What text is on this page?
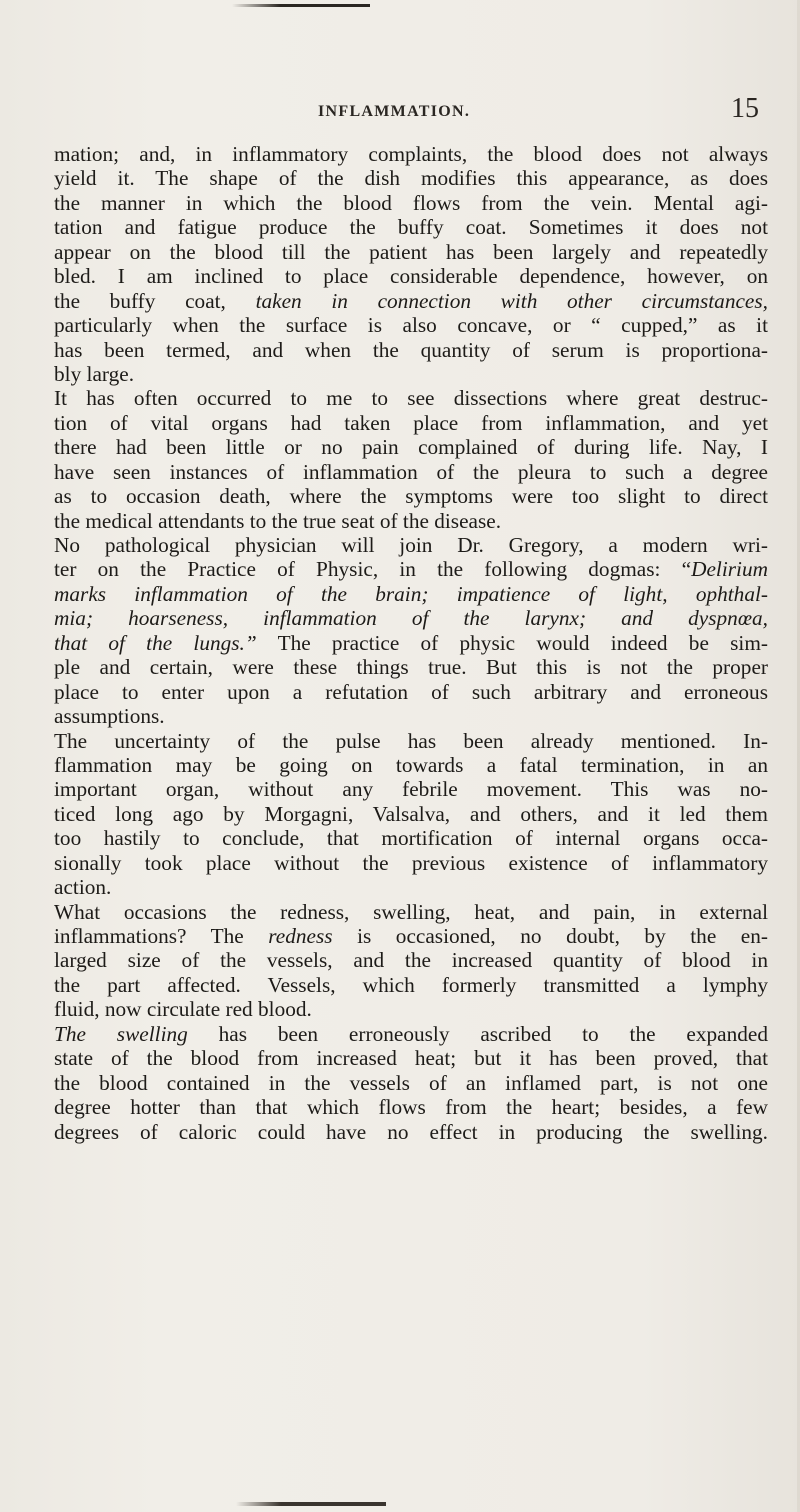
INFLAMMATION.	15
mation; and, in inflammatory complaints, the blood does not always
yield it. The shape of the dish modifies this appearance, as does
the manner in which the blood flows from the vein. Mental agi-
tation and fatigue produce the buffy coat. Sometimes it does not
appear on the blood till the patient has been largely and repeatedly
bled. I am inclined to place considerable dependence, however, on
the buffy coat, taken in connection with other circumstances,
particularly when the surface is also concave, or “ cupped,” as it
has been termed, and when the quantity of serum is proportiona-
bly large.
It has often occurred to me to see dissections where great destruc-
tion of vital organs had taken place from inflammation, and yet
there had been little or no pain complained of during life. Nay, I
have seen instances of inflammation of the pleura to such a degree
as to occasion death, where the symptoms were too slight to direct
the medical attendants to the true seat of the disease.
No pathological physician will join Dr. Gregory, a modern wri-
ter on the Practice of Physic, in the following dogmas: “Delirium
marks inflammation of the brain; impatience of light, ophthal-
mia; hoarseness, inflammation of the larynx; and dyspnœa,
that of the lungs.” The practice of physic would indeed be sim-
ple and certain, were these things true. But this is not the proper
place to enter upon a refutation of such arbitrary and erroneous
assumptions.
The uncertainty of the pulse has been already mentioned. In-
flammation may be going on towards a fatal termination, in an
important organ, without any febrile movement. This was no-
ticed long ago by Morgagni, Valsalva, and others, and it led them
too hastily to conclude, that mortification of internal organs occa-
sionally took place without the previous existence of inflammatory
action.
What occasions the redness, swelling, heat, and pain, in external
inflammations? The redness is occasioned, no doubt, by the en-
larged size of the vessels, and the increased quantity of blood in
the part affected. Vessels, which formerly transmitted a lymphy
fluid, now circulate red blood.
The swelling has been erroneously ascribed to the expanded
state of the blood from increased heat; but it has been proved, that
the blood contained in the vessels of an inflamed part, is not one
degree hotter than that which flows from the heart; besides, a few
degrees of caloric could have no effect in producing the swelling.
